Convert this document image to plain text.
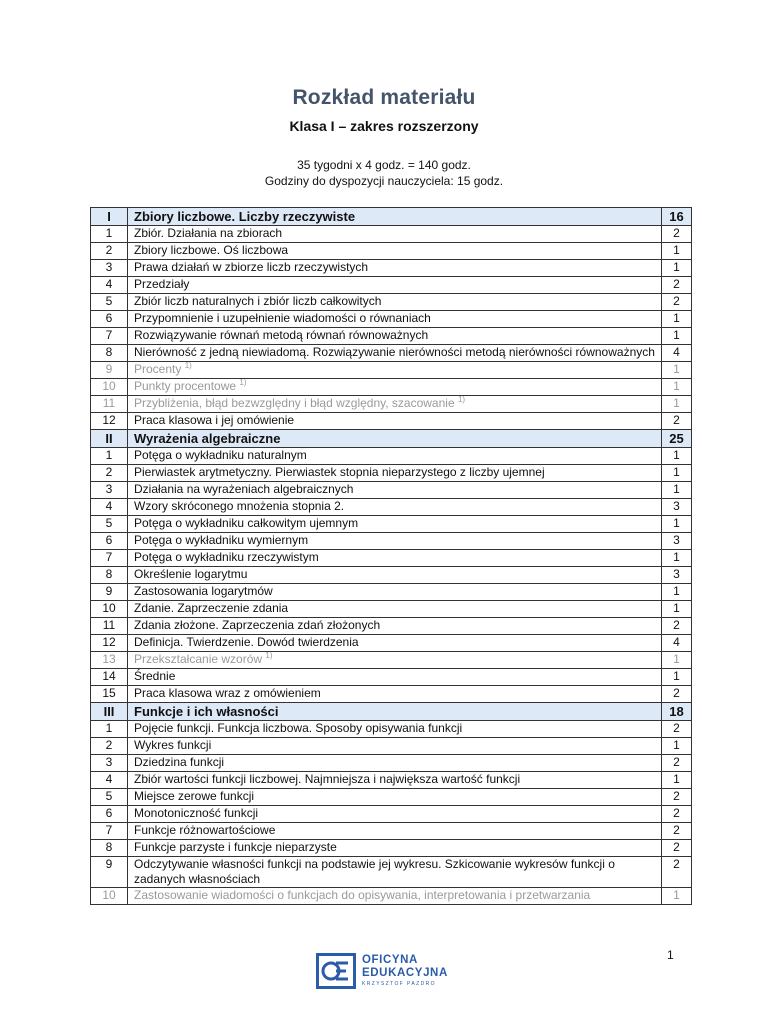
Rozkład materiału
Klasa I – zakres rozszerzony
35 tygodni x 4 godz. = 140 godz.
Godziny do dyspozycji nauczyciela: 15 godz.
I	Zbiory liczbowe. Liczby rzeczywiste	16
1	Zbiór. Działania na zbiorach	2
2	Zbiory liczbowe. Oś liczbowa	1
3	Prawa działań w zbiorze liczb rzeczywistych	1
4	Przedziały	2
5	Zbiór liczb naturalnych i zbiór liczb całkowitych	2
6	Przypomnienie i uzupełnienie wiadomości o równaniach	1
7	Rozwiązywanie równań metodą równań równoważnych	1
8	Nierówność z jedną niewiadomą. Rozwiązywanie nierówności metodą nierówności równoważnych	4
9	Procenty $^{1)}$	1
10	Punkty procentowe $^{1)}$	1
11	Przybliżenia, błąd bezwzględny i błąd względny, szacowanie $^{1)}$	1
12	Praca klasowa i jej omówienie	2
II	Wyrażenia algebraiczne	25
1	Potęga o wykładniku naturalnym	1
2	Pierwiastek arytmetyczny. Pierwiastek stopnia nieparzystego z liczby ujemnej	1
3	Działania na wyrażeniach algebraicznych	1
4	Wzory skróconego mnożenia stopnia 2.	3
5	Potęga o wykładniku całkowitym ujemnym	1
6	Potęga o wykładniku wymiernym	3
7	Potęga o wykładniku rzeczywistym	1
8	Określenie logarytmu	3
9	Zastosowania logarytmów	1
10	Zdanie. Zaprzeczenie zdania	1
11	Zdania złożone. Zaprzeczenia zdań złożonych	2
12	Definicja. Twierdzenie. Dowód twierdzenia	4
13	Przekształcanie wzorów $^{1)}$	1
14	Średnie	1
15	Praca klasowa wraz z omówieniem	2
III	Funkcje i ich własności	18
1	Pojęcie funkcji. Funkcja liczbowa. Sposoby opisywania funkcji	2
2	Wykres funkcji	1
3	Dziedzina funkcji	2
4	Zbiór wartości funkcji liczbowej. Najmniejsza i największa wartość funkcji	1
5	Miejsce zerowe funkcji	2
6	Monotoniczność funkcji	2
7	Funkcje różnowartościowe	2
8	Funkcje parzyste i funkcje nieparzyste	2
9	Odczytywanie własności funkcji na podstawie jej wykresu. Szkicowanie wykresów funkcji o zadanych własnościach	2
10	Zastosowanie wiadomości o funkcjach do opisywania, interpretowania i przetwarzania	1
1
OFICYNA
EDUKACYJNA
KRZYSZTOF PAZDRO
